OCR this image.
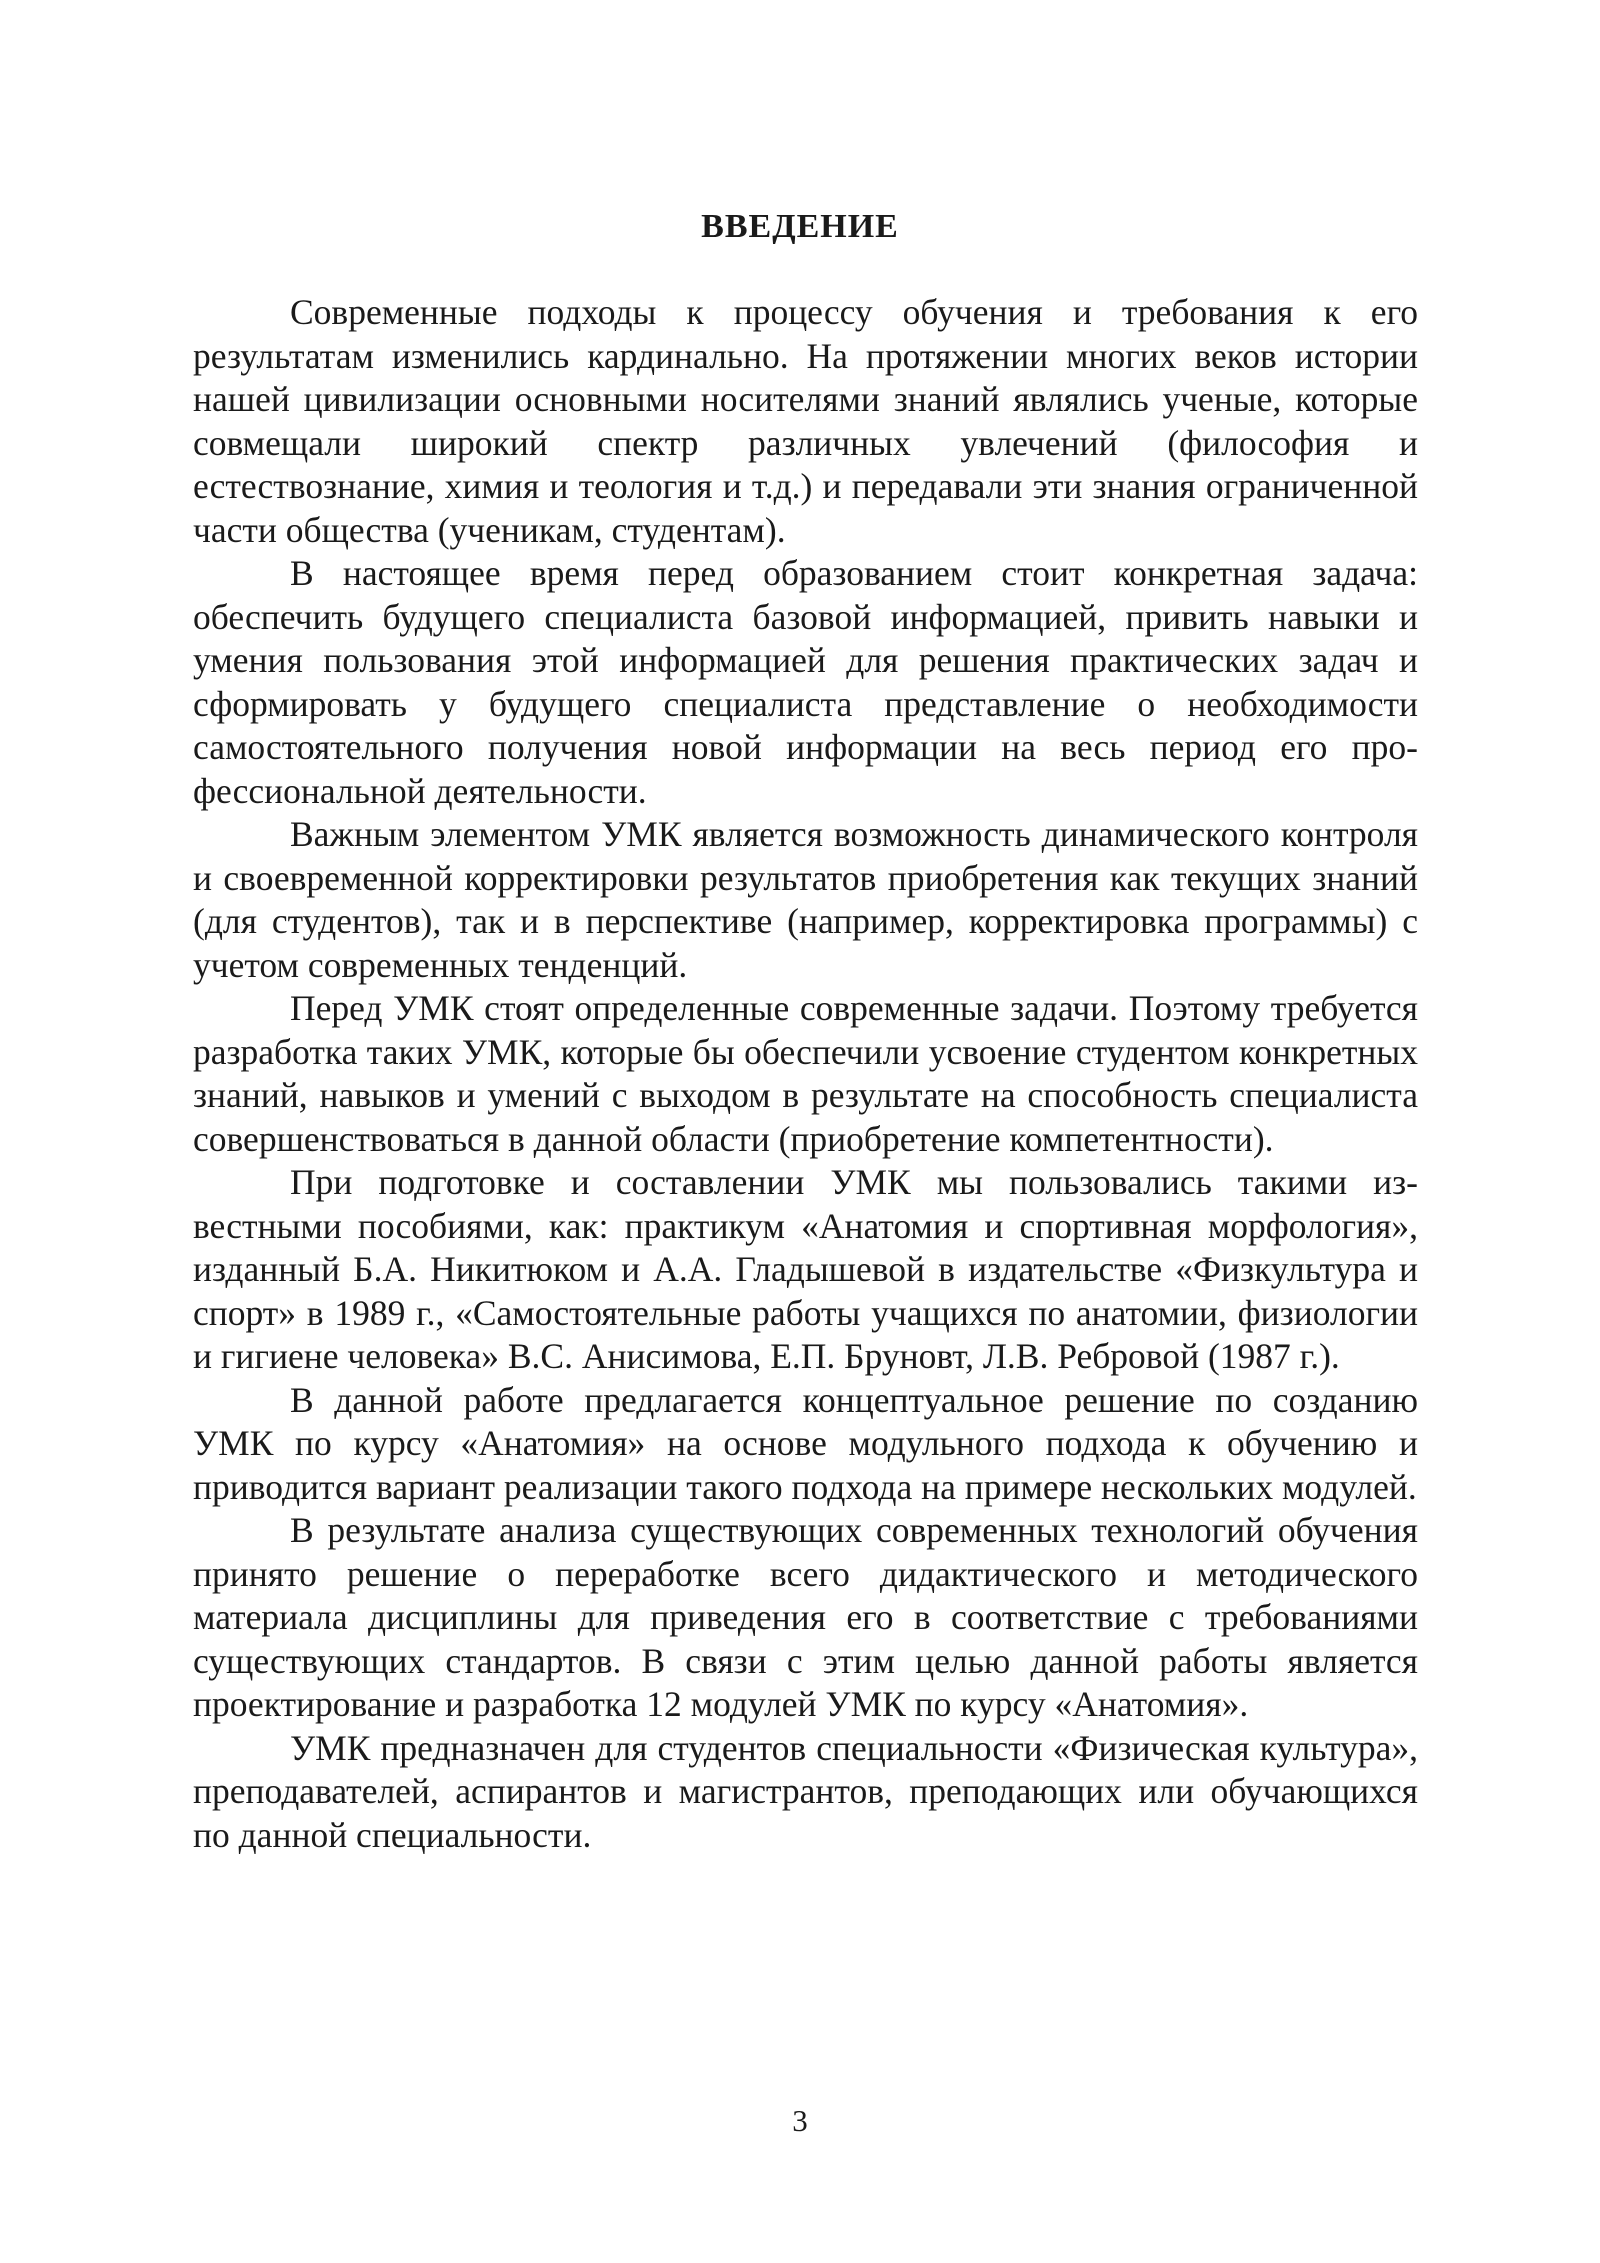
ВВЕДЕНИЕ

Современные подходы к процессу обучения и требования к его результатам изменились кардинально. На протяжении многих веков истории нашей цивилизации основными носителями знаний являлись ученые, которые совмещали широкий спектр различных увлечений (философия и естествознание, химия и теология и т.д.) и передавали эти знания ограниченной части общества (ученикам, студентам).

В настоящее время перед образованием стоит конкретная задача: обеспечить будущего специалиста базовой информацией, привить навыки и умения пользования этой информацией для решения практических задач и сформировать у будущего специалиста представление о необходимости самостоятельного получения новой информации на весь период его профессиональной деятельности.

Важным элементом УМК является возможность динамического контроля и своевременной корректировки результатов приобретения как текущих знаний (для студентов), так и в перспективе (например, корректировка программы) с учетом современных тенденций.

Перед УМК стоят определенные современные задачи. Поэтому требуется разработка таких УМК, которые бы обеспечили усвоение студентом конкретных знаний, навыков и умений с выходом в результате на способность специалиста совершенствоваться в данной области (приобретение компетентности).

При подготовке и составлении УМК мы пользовались такими известными пособиями, как: практикум «Анатомия и спортивная морфология», изданный Б.А. Никитюком и А.А. Гладышевой в издательстве «Физкультура и спорт» в 1989 г., «Самостоятельные работы учащихся по анатомии, физиологии и гигиене человека» В.С. Анисимова, Е.П. Бруновт, Л.В. Ребровой (1987 г.).

В данной работе предлагается концептуальное решение по созданию УМК по курсу «Анатомия» на основе модульного подхода к обучению и приводится вариант реализации такого подхода на примере нескольких модулей.

В результате анализа существующих современных технологий обучения принято решение о переработке всего дидактического и методического материала дисциплины для приведения его в соответствие с требованиями существующих стандартов. В связи с этим целью данной работы является проектирование и разработка 12 модулей УМК по курсу «Анатомия».

УМК предназначен для студентов специальности «Физическая культура», преподавателей, аспирантов и магистрантов, преподающих или обучающихся по данной специальности.

3
